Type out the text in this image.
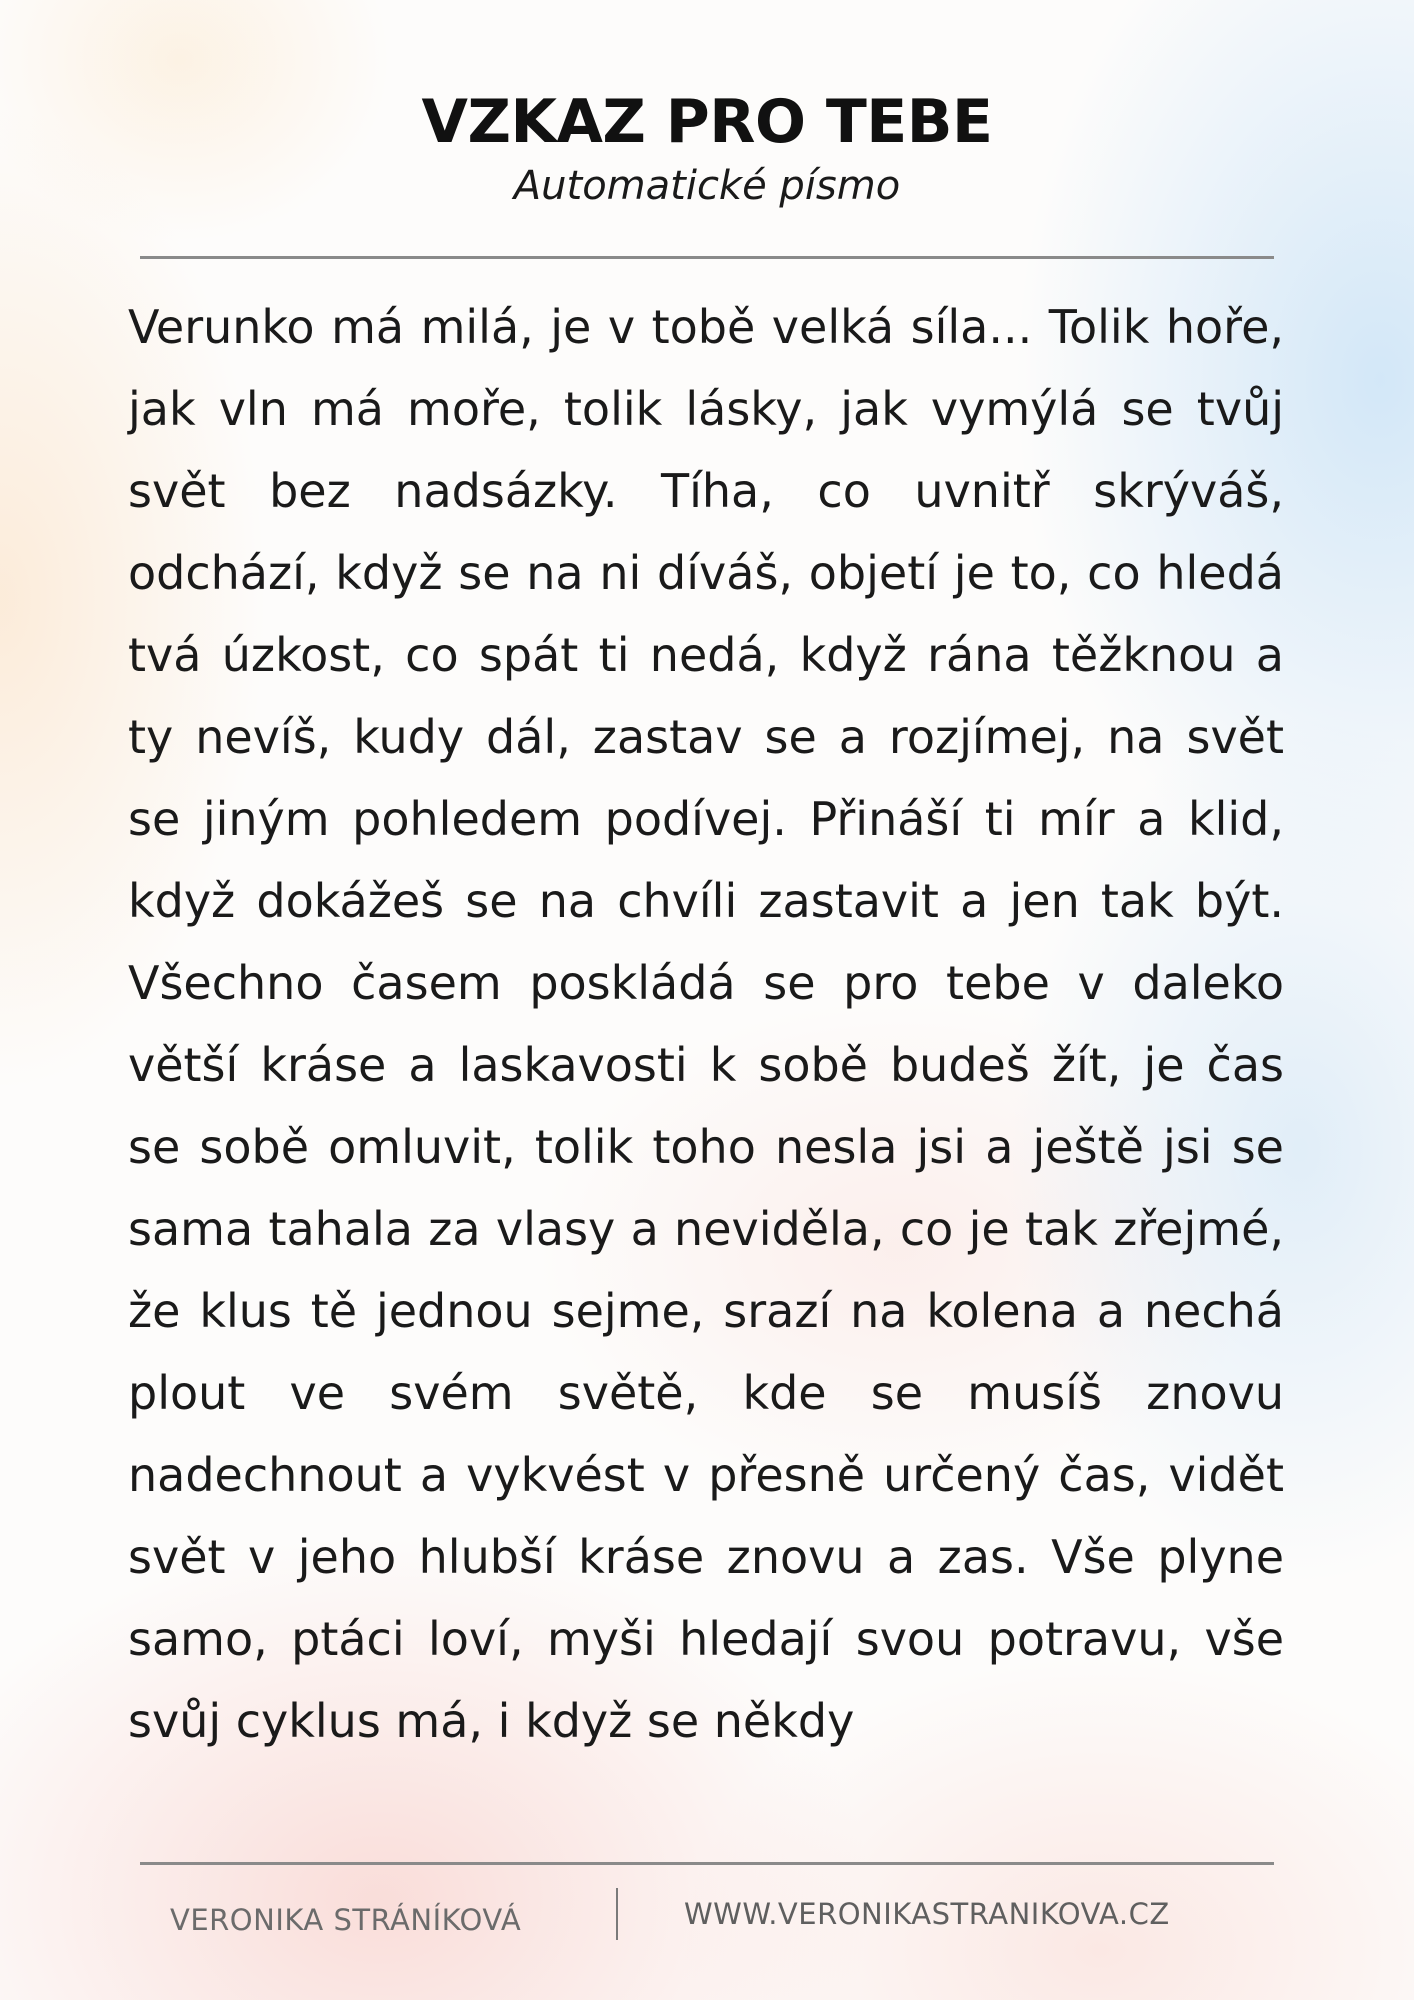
VZKAZ PRO TEBE
Automatické písmo

Verunko má milá, je v tobě velká síla... Tolik hoře, jak vln má moře, tolik lásky, jak vymýlá se tvůj svět bez nadsázky. Tíha, co uvnitř skrýváš, odchází, když se na ni díváš, objetí je to, co hledá tvá úzkost, co spát ti nedá, když rána těžknou a ty nevíš, kudy dál, zastav se a rozjímej, na svět se jiným pohledem podívej. Přináší ti mír a klid, když dokážeš se na chvíli zastavit a jen tak být. Všechno časem poskládá se pro tebe v daleko větší kráse a laskavosti k sobě budeš žít, je čas se sobě omluvit, tolik toho nesla jsi a ještě jsi se sama tahala za vlasy a neviděla, co je tak zřejmé, že klus tě jednou sejme, srazí na kolena a nechá plout ve svém světě, kde se musíš znovu nadechnout a vykvést v přesně určený čas, vidět svět v jeho hlubší kráse znovu a zas. Vše plyne samo, ptáci loví, myši hledají svou potravu, vše svůj cyklus má, i když se někdy

VERONIKA STRÁNÍKOVÁ	WWW.VERONIKASTRANIKOVA.CZ
